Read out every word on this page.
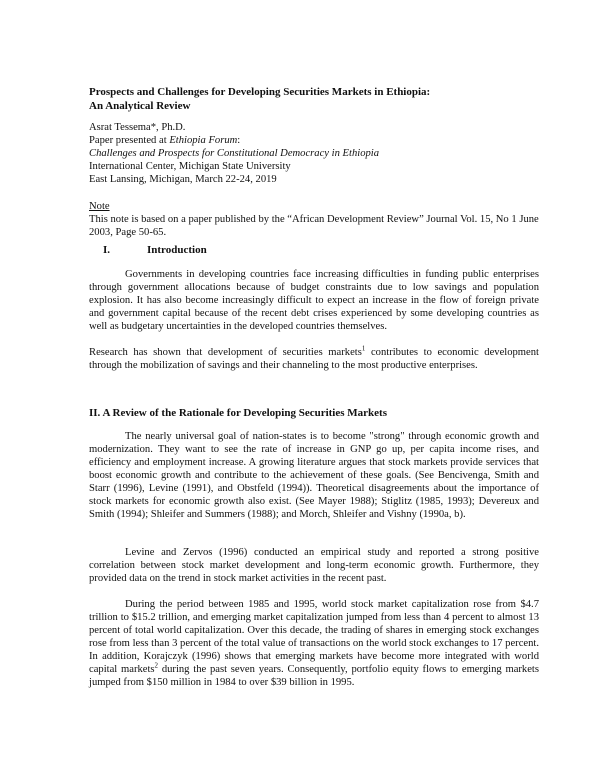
Prospects and Challenges for Developing Securities Markets in Ethiopia:
An Analytical Review
Asrat Tessema*, Ph.D.
Paper presented at Ethiopia Forum:
Challenges and Prospects for Constitutional Democracy in Ethiopia
International Center, Michigan State University
East Lansing, Michigan, March 22-24, 2019
Note
This note is based on a paper published by the “African Development Review” Journal Vol. 15, No 1 June 2003, Page 50-65.
I.	Introduction

Governments in developing countries face increasing difficulties in funding public enterprises through government allocations because of budget constraints due to low savings and population explosion. It has also become increasingly difficult to expect an increase in the flow of foreign private and government capital because of the recent debt crises experienced by some developing countries as well as budgetary uncertainties in the developed countries themselves.

Research has shown that development of securities markets$^1$ contributes to economic development through the mobilization of savings and their channeling to the most productive enterprises.

II. A Review of the Rationale for Developing Securities Markets

The nearly universal goal of nation-states is to become "strong" through economic growth and modernization. They want to see the rate of increase in GNP go up, per capita income rises, and efficiency and employment increase. A growing literature argues that stock markets provide services that boost economic growth and contribute to the achievement of these goals. (See Bencivenga, Smith and Starr (1996), Levine (1991), and Obstfeld (1994)). Theoretical disagreements about the importance of stock markets for economic growth also exist. (See Mayer 1988); Stiglitz (1985, 1993); Devereux and Smith (1994); Shleifer and Summers (1988); and Morch, Shleifer and Vishny (1990a, b).

Levine and Zervos (1996) conducted an empirical study and reported a strong positive correlation between stock market development and long-term economic growth. Furthermore, they provided data on the trend in stock market activities in the recent past.

During the period between 1985 and 1995, world stock market capitalization rose from $4.7 trillion to $15.2 trillion, and emerging market capitalization jumped from less than 4 percent to almost 13 percent of total world capitalization. Over this decade, the trading of shares in emerging stock exchanges rose from less than 3 percent of the total value of transactions on the world stock exchanges to 17 percent. In addition, Korajczyk (1996) shows that emerging markets have become more integrated with world capital markets$^2$ during the past seven years. Consequently, portfolio equity flows to emerging markets jumped from $150 million in 1984 to over $39 billion in 1995.
